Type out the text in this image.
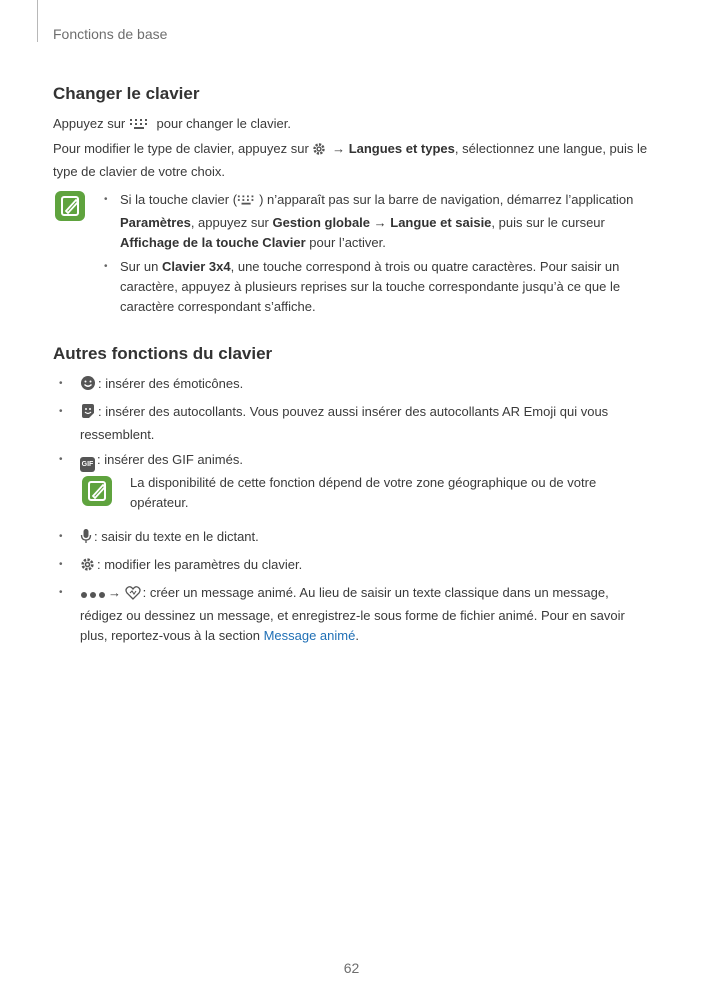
Fonctions de base
Changer le clavier

Appuyez sur pour changer le clavier.

Pour modifier le type de clavier, appuyez sur → Langues et types, sélectionnez une langue, puis le type de clavier de votre choix.

• Si la touche clavier ( ) n’apparaît pas sur la barre de navigation, démarrez l’application Paramètres, appuyez sur Gestion globale → Langue et saisie, puis sur le curseur Affichage de la touche Clavier pour l’activer.
• Sur un Clavier 3x4, une touche correspond à trois ou quatre caractères. Pour saisir un caractère, appuyez à plusieurs reprises sur la touche correspondante jusqu’à ce que le caractère correspondant s’affiche.
Autres fonctions du clavier
• : insérer des émoticônes.
• : insérer des autocollants. Vous pouvez aussi insérer des autocollants AR Emoji qui vous ressemblent.
• GIF : insérer des GIF animés.

La disponibilité de cette fonction dépend de votre zone géographique ou de votre opérateur.

• : saisir du texte en le dictant.
• : modifier les paramètres du clavier.
• → : créer un message animé. Au lieu de saisir un texte classique dans un message, rédigez ou dessinez un message, et enregistrez-le sous forme de fichier animé. Pour en savoir plus, reportez-vous à la section Message animé.
62
